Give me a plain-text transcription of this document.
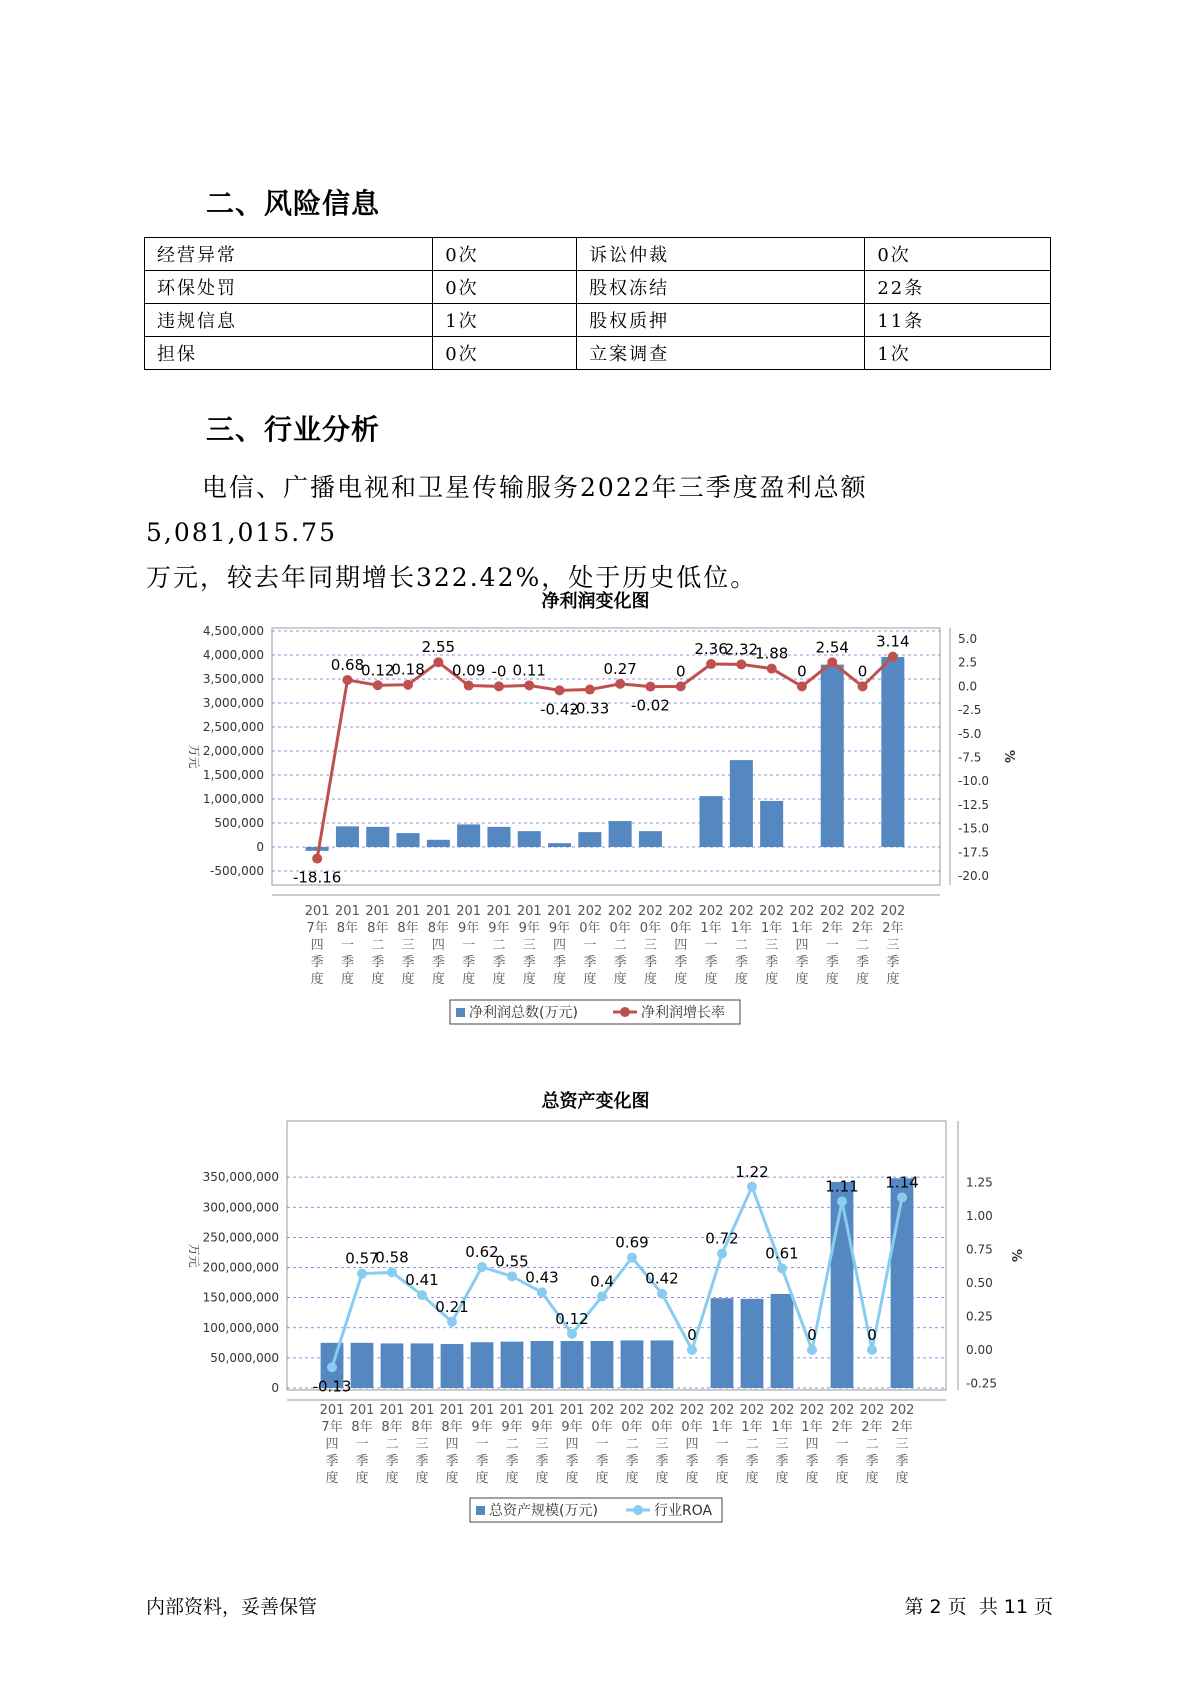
二、风险信息
经营异常	0次	诉讼仲裁	0次
环保处罚	0次	股权冻结	22条
违规信息	1次	股权质押	11条
担保	0次	立案调查	1次
三、行业分析
电信、广播电视和卫星传输服务2022年三季度盈利总额5,081,015.75
万元，较去年同期增长322.42%，处于历史低位。
净利润变化图
-500,000
0
500,000
1,000,000
1,500,000
2,000,000
2,500,000
3,000,000
3,500,000
4,000,000
4,500,000
-20.0
-17.5
-15.0
-12.5
-10.0
-7.5
-5.0
-2.5
0.0
2.5
5.0
万元	%
-18.16
0.68
0.12
0.18
2.55
0.09 -0 0.11
-0.42
-0.33
0.27
-0.02
0
2.36
2.32
1.88
0
2.54
0
3.14
201
7年
四
季
度
201
8年
一
季
度
201
8年
二
季
度
201
8年
三
季
度
201
8年
四
季
度
201
9年
一
季
度
201
9年
二
季
度
201
9年
三
季
度
201
9年
四
季
度
202
0年
一
季
度
202
0年
二
季
度
202
0年
三
季
度
202
0年
四
季
度
202
1年
一
季
度
202
1年
二
季
度
202
1年
三
季
度
202
1年
四
季
度
202
2年
一
季
度
202
2年
二
季
度
202
2年
三
季
度
净利润总数(万元)	净利润增长率
总资产变化图
0
50,000,000
100,000,000
150,000,000
200,000,000
250,000,000
300,000,000
350,000,000
-0.25
0.00
0.25
0.50
0.75
1.00
1.25
万元	%
-0.13
0.57
0.58
0.41
0.21
0.62
0.55
0.43
0.12
0.4
0.69
0.42
0
0.72
1.22
0.61
0
1.11
0
1.14
201
7年
四
季
度
201
8年
一
季
度
201
8年
二
季
度
201
8年
三
季
度
201
8年
四
季
度
201
9年
一
季
度
201
9年
二
季
度
201
9年
三
季
度
201
9年
四
季
度
202
0年
一
季
度
202
0年
二
季
度
202
0年
三
季
度
202
0年
四
季
度
202
1年
一
季
度
202
1年
二
季
度
202
1年
三
季
度
202
1年
四
季
度
202
2年
一
季
度
202
2年
二
季
度
202
2年
三
季
度
总资产规模(万元)	行业ROA
内部资料，妥善保管	第 2 页  共 11 页
